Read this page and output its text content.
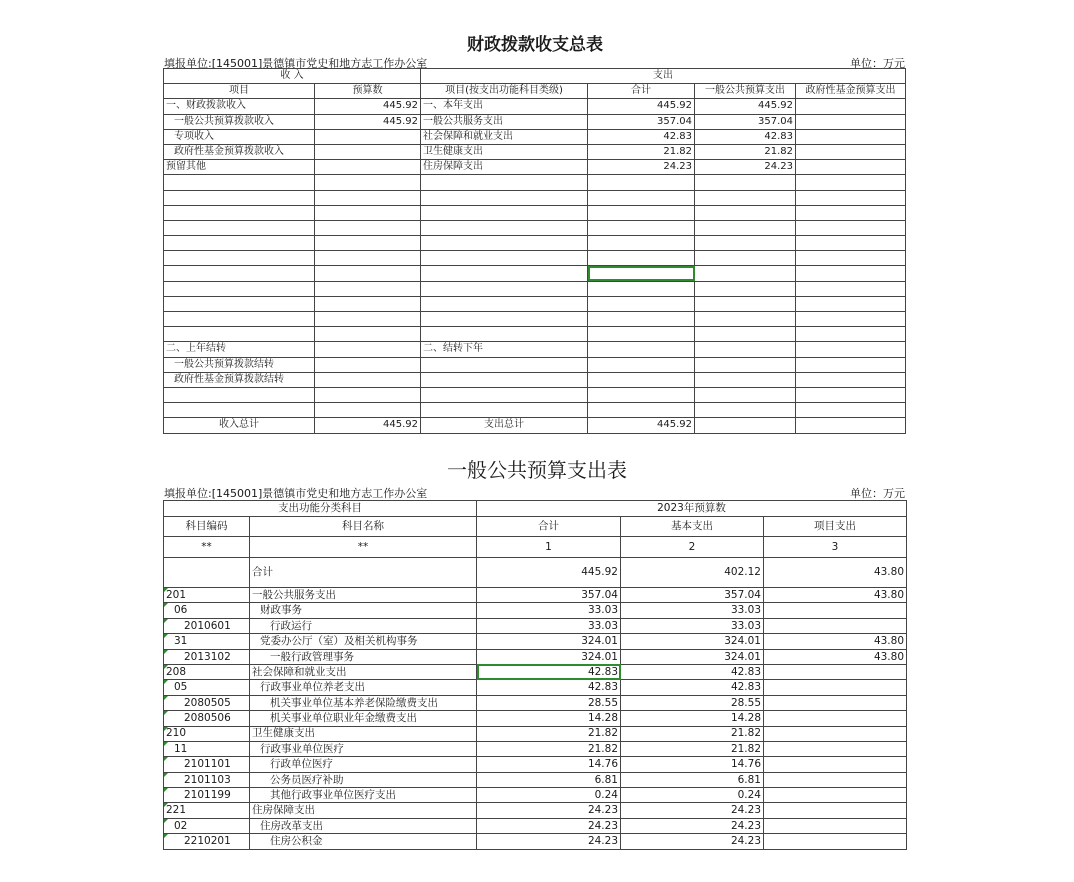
财政拨款收支总表
填报单位:[145001]景德镇市党史和地方志工作办公室	单位：万元
收 入		支出			
项目	预算数	项目(按支出功能科目类级)	合计	一般公共预算支出	政府性基金预算支出
一、财政拨款收入	445.92	一、本年支出	445.92	445.92	
一般公共预算拨款收入	445.92	一般公共服务支出	357.04	357.04	
专项收入		社会保障和就业支出	42.83	42.83	
政府性基金预算拨款收入		卫生健康支出	21.82	21.82	
预留其他		住房保障支出	24.23	24.23	

二、上年结转		二、结转下年			
一般公共预算拨款结转					
政府性基金预算拨款结转					

收入总计	445.92	支出总计	445.92		
一般公共预算支出表
填报单位:[145001]景德镇市党史和地方志工作办公室	单位：万元
支出功能分类科目		2023年预算数		
科目编码	科目名称	合计	基本支出	项目支出
**	**	1	2	3
	合计	445.92	402.12	43.80
201	一般公共服务支出	357.04	357.04	43.80
06	财政事务	33.03	33.03	
2010601	行政运行	33.03	33.03	
31	党委办公厅（室）及相关机构事务	324.01	324.01	43.80
2013102	一般行政管理事务	324.01	324.01	43.80
208	社会保障和就业支出	42.83	42.83	
05	行政事业单位养老支出	42.83	42.83	
2080505	机关事业单位基本养老保险缴费支出	28.55	28.55	
2080506	机关事业单位职业年金缴费支出	14.28	14.28	
210	卫生健康支出	21.82	21.82	
11	行政事业单位医疗	21.82	21.82	
2101101	行政单位医疗	14.76	14.76	
2101103	公务员医疗补助	6.81	6.81	
2101199	其他行政事业单位医疗支出	0.24	0.24	
221	住房保障支出	24.23	24.23	
02	住房改革支出	24.23	24.23	
2210201	住房公积金	24.23	24.23	
